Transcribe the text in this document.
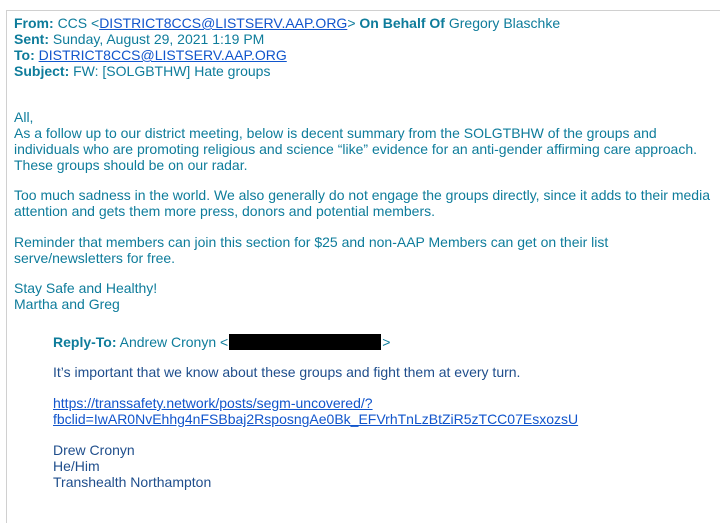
From: CCS <DISTRICT8CCS@LISTSERV.AAP.ORG> On Behalf Of Gregory Blaschke
Sent: Sunday, August 29, 2021 1:19 PM
To: DISTRICT8CCS@LISTSERV.AAP.ORG
Subject: FW: [SOLGBTHW] Hate groups
All,
As a follow up to our district meeting, below is decent summary from the SOLGTBHW of the groups and individuals who are promoting religious and science “like” evidence for an anti-gender affirming care approach. These groups should be on our radar.
Too much sadness in the world. We also generally do not engage the groups directly, since it adds to their media attention and gets them more press, donors and potential members.
Reminder that members can join this section for $25 and non-AAP Members can get on their list serve/newsletters for free.
Stay Safe and Healthy!
Martha and Greg
Reply-To: Andrew Cronyn <	>
It’s important that we know about these groups and fight them at every turn.
https://transsafety.network/posts/segm-uncovered/?
fbclid=IwAR0NvEhhg4nFSBbaj2RsposngAe0Bk_EFVrhTnLzBtZiR5zTCC07EsxozsU
Drew Cronyn
He/Him
Transhealth Northampton
